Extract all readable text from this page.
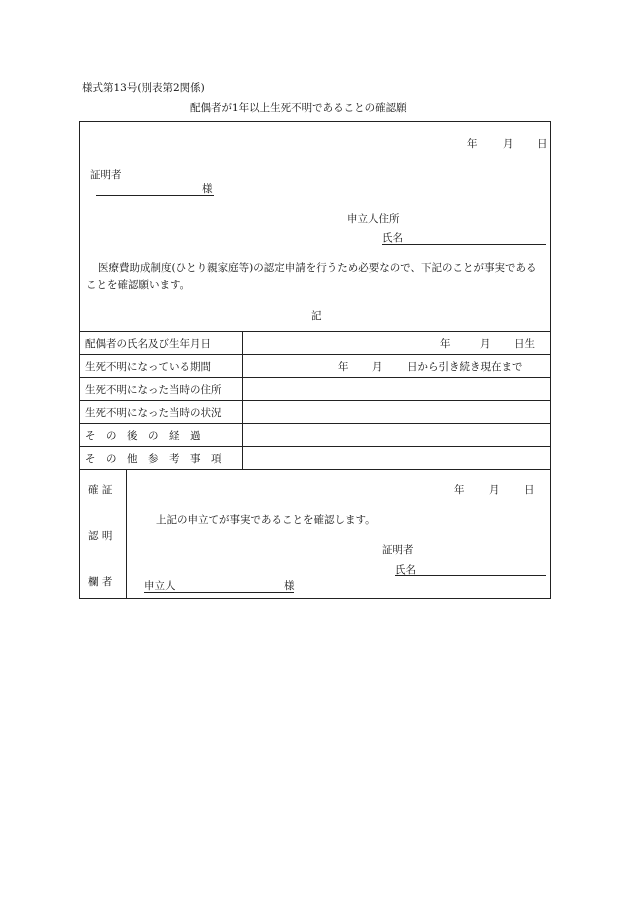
様式第13号(別表第2関係)
配偶者が1年以上生死不明であることの確認願
年 月 日
証明者
様
申立人住所
氏名
医療費助成制度(ひとり親家庭等)の認定申請を行うため必要なので、下記のことが事実であることを確認願います。
記
配偶者の氏名及び生年月日	年	月 日生
生死不明になっている期間	年 月 日から引き続き現在まで
生死不明になった当時の住所
生死不明になった当時の状況
そ　の　後　の　経　過
そ　の　他　参　考　事　項
確 証
認 明
欄 者
年 月 日
上記の申立てが事実であることを確認します。
証明者
氏名
申立人	様
